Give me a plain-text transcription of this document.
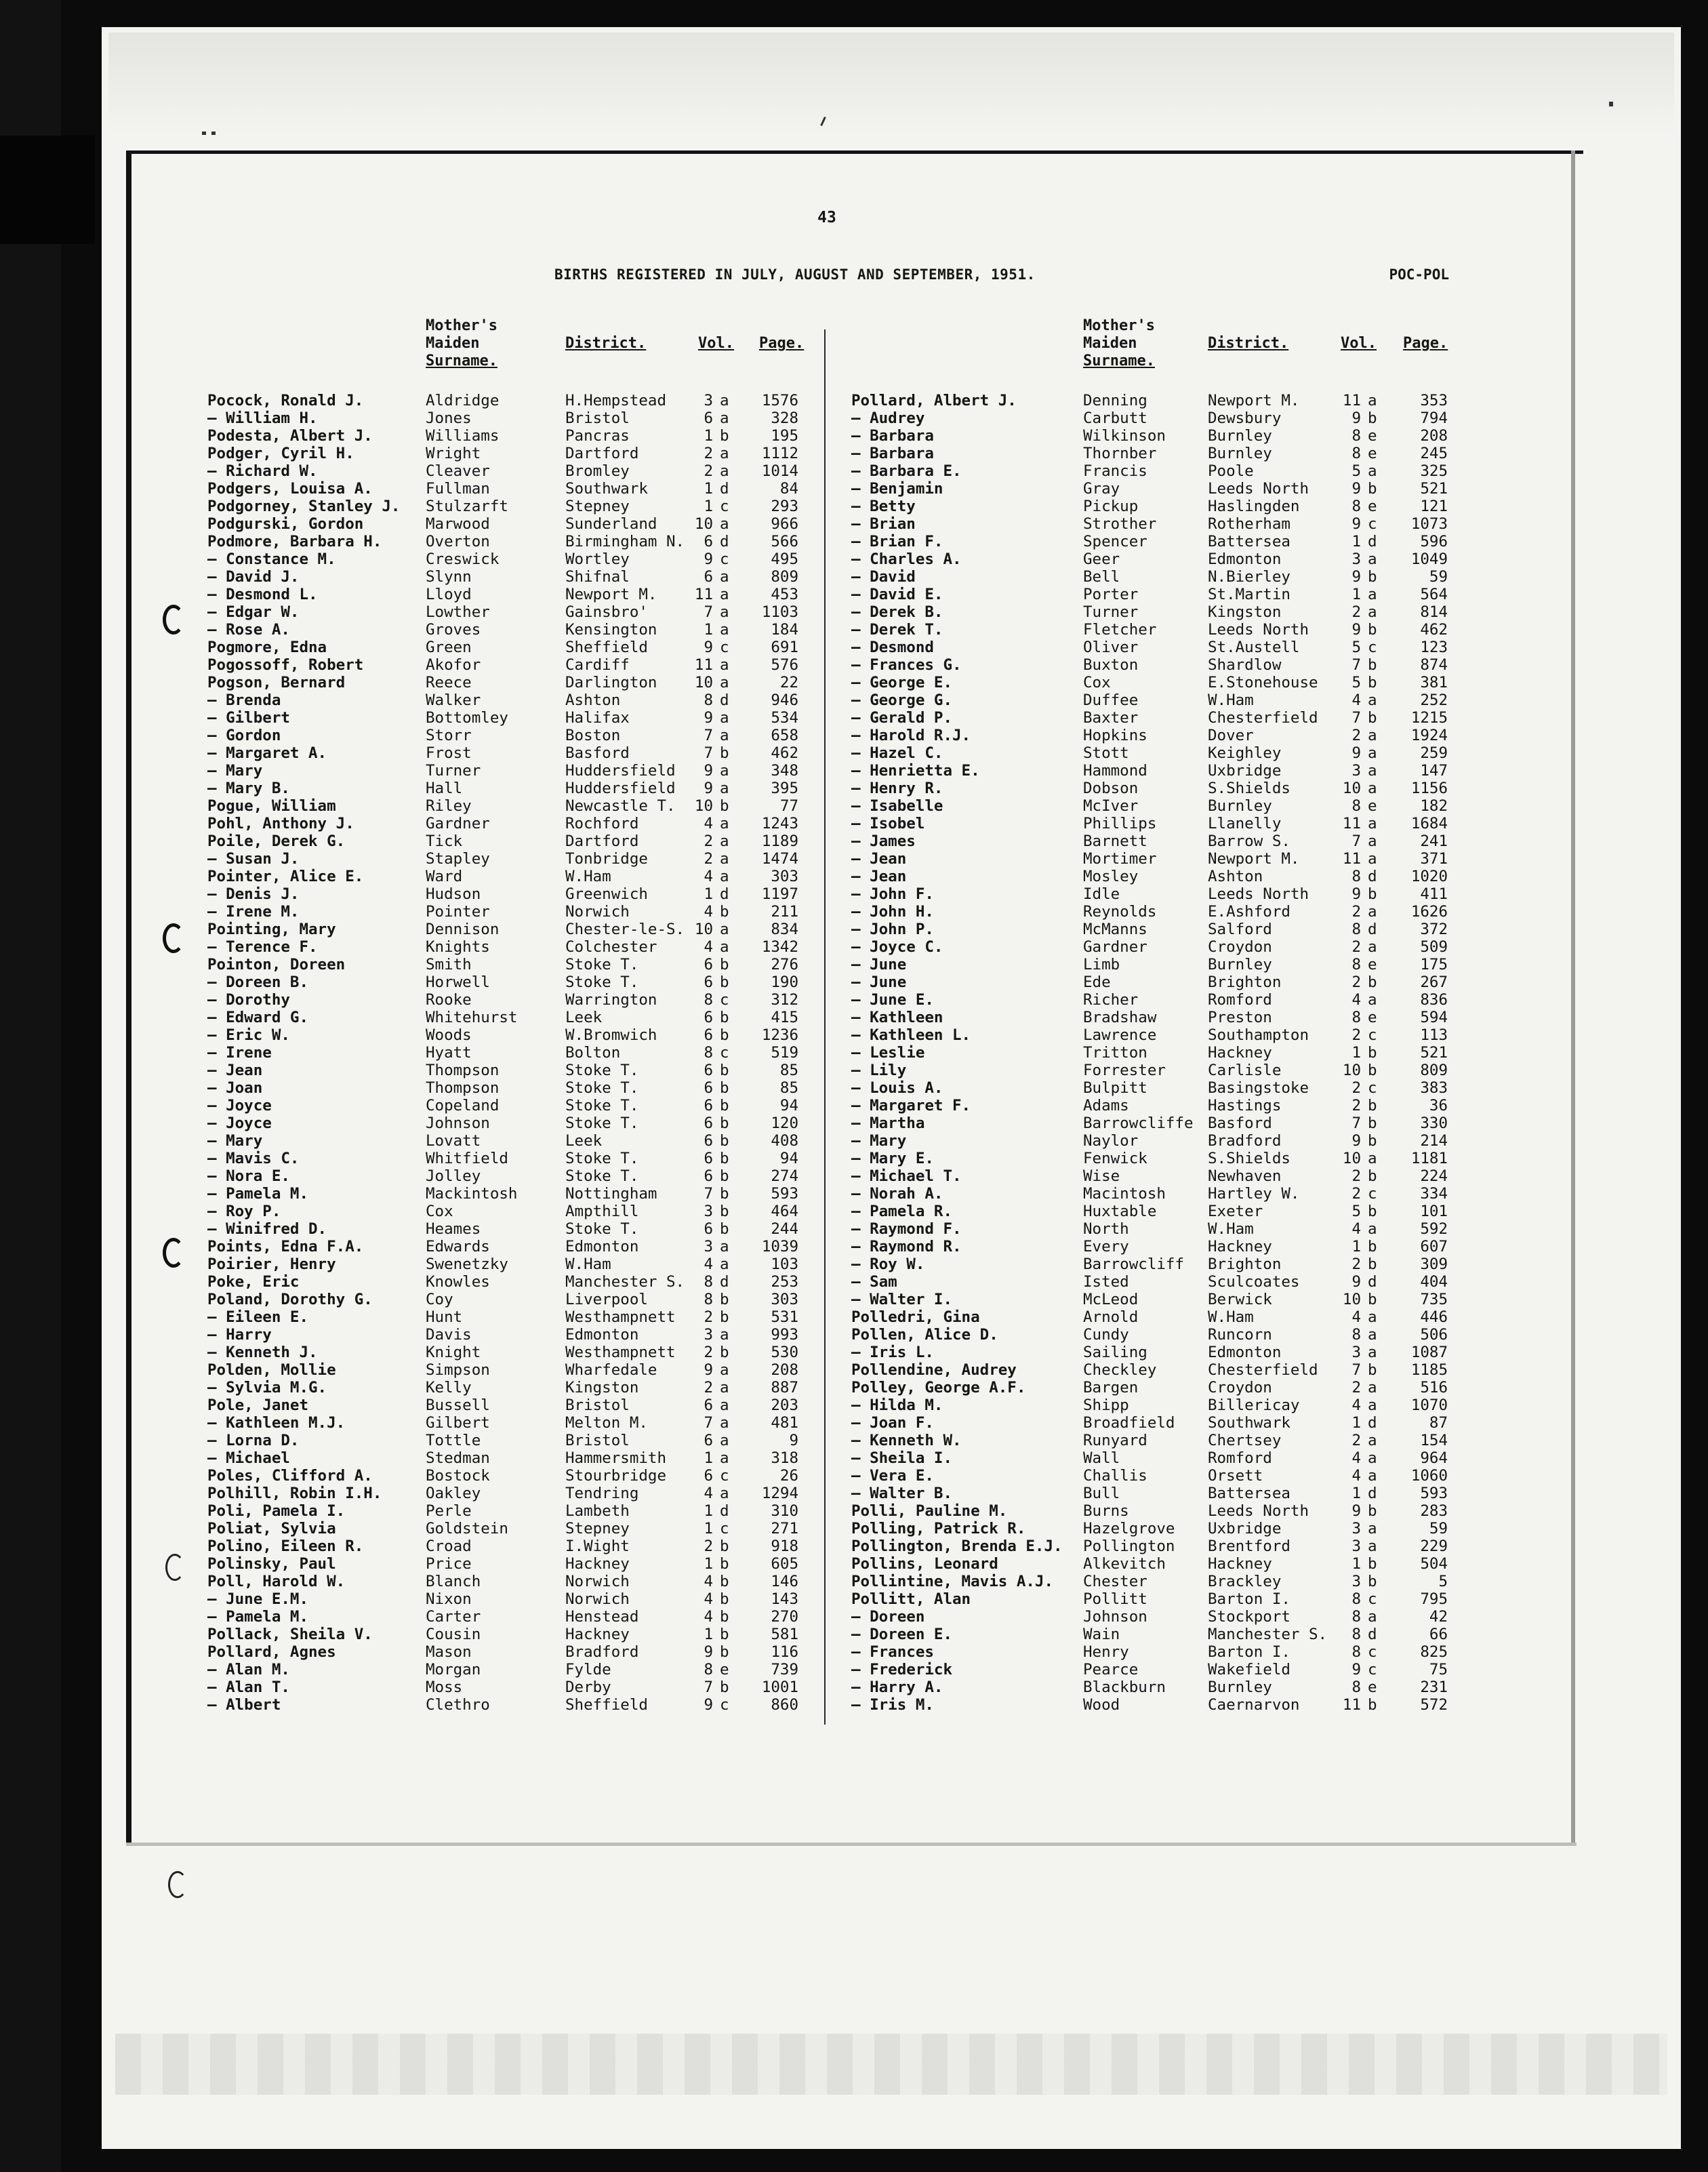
43
BIRTHS REGISTERED IN JULY, AUGUST AND SEPTEMBER, 1951.	POC-POL
Mother's
Maiden
Surname.
District.	Vol. Page.
Mother's
Maiden
Surname.
District.	Vol. Page.
Pocock, Ronald J.	Aldridge	H.Hempstead	3 a	1576
— William H.	Jones	Bristol	6 a	328
Podesta, Albert J.	Williams	Pancras	1 b	195
Podger, Cyril H.	Wright	Dartford	2 a	1112
— Richard W.	Cleaver	Bromley	2 a	1014
Podgers, Louisa A.	Fullman	Southwark	1 d	84
Podgorney, Stanley J. Stulzarft	Stepney	1 c	293
Podgurski, Gordon	Marwood	Sunderland	10 a	966
Podmore, Barbara H.	Overton	Birmingham N.	6 d	566
— Constance M.	Creswick	Wortley	9 c	495
— David J.	Slynn	Shifnal	6 a	809
— Desmond L.	Lloyd	Newport M.	11 a	453
— Edgar W.	Lowther	Gainsbro'	7 a	1103
— Rose A.	Groves	Kensington	1 a	184
Pogmore, Edna	Green	Sheffield	9 c	691
Pogossoff, Robert	Akofor	Cardiff	11 a	576
Pogson, Bernard	Reece	Darlington	10 a	22
— Brenda	Walker	Ashton	8 d	946
— Gilbert	Bottomley	Halifax	9 a	534
— Gordon	Storr	Boston	7 a	658
— Margaret A.	Frost	Basford	7 b	462
— Mary	Turner	Huddersfield	9 a	348
— Mary B.	Hall	Huddersfield	9 a	395
Pogue, William	Riley	Newcastle T.	10 b	77
Pohl, Anthony J.	Gardner	Rochford	4 a	1243
Poile, Derek G.	Tick	Dartford	2 a	1189
— Susan J.	Stapley	Tonbridge	2 a	1474
Pointer, Alice E.	Ward	W.Ham	4 a	303
— Denis J.	Hudson	Greenwich	1 d	1197
— Irene M.	Pointer	Norwich	4 b	211
Pointing, Mary	Dennison	Chester-le-S. 10 a	834
— Terence F.	Knights	Colchester	4 a	1342
Pointon, Doreen	Smith	Stoke T.	6 b	276
— Doreen B.	Horwell	Stoke T.	6 b	190
— Dorothy	Rooke	Warrington	8 c	312
— Edward G.	Whitehurst	Leek	6 b	415
— Eric W.	Woods	W.Bromwich	6 b	1236
— Irene	Hyatt	Bolton	8 c	519
— Jean	Thompson	Stoke T.	6 b	85
— Joan	Thompson	Stoke T.	6 b	85
— Joyce	Copeland	Stoke T.	6 b	94
— Joyce	Johnson	Stoke T.	6 b	120
— Mary	Lovatt	Leek	6 b	408
— Mavis C.	Whitfield	Stoke T.	6 b	94
— Nora E.	Jolley	Stoke T.	6 b	274
— Pamela M.	Mackintosh	Nottingham	7 b	593
— Roy P.	Cox	Ampthill	3 b	464
— Winifred D.	Heames	Stoke T.	6 b	244
Points, Edna F.A.	Edwards	Edmonton	3 a	1039
Poirier, Henry	Swenetzky	W.Ham	4 a	103
Poke, Eric	Knowles	Manchester S.	8 d	253
Poland, Dorothy G.	Coy	Liverpool	8 b	303
— Eileen E.	Hunt	Westhampnett	2 b	531
— Harry	Davis	Edmonton	3 a	993
— Kenneth J.	Knight	Westhampnett	2 b	530
Polden, Mollie	Simpson	Wharfedale	9 a	208
— Sylvia M.G.	Kelly	Kingston	2 a	887
Pole, Janet	Bussell	Bristol	6 a	203
— Kathleen M.J.	Gilbert	Melton M.	7 a	481
— Lorna D.	Tottle	Bristol	6 a	9
— Michael	Stedman	Hammersmith	1 a	318
Poles, Clifford A.	Bostock	Stourbridge	6 c	26
Polhill, Robin I.H.	Oakley	Tendring	4 a	1294
Poli, Pamela I.	Perle	Lambeth	1 d	310
Poliat, Sylvia	Goldstein	Stepney	1 c	271
Polino, Eileen R.	Croad	I.Wight	2 b	918
Polinsky, Paul	Price	Hackney	1 b	605
Poll, Harold W.	Blanch	Norwich	4 b	146
— June E.M.	Nixon	Norwich	4 b	143
— Pamela M.	Carter	Henstead	4 b	270
Pollack, Sheila V.	Cousin	Hackney	1 b	581
Pollard, Agnes	Mason	Bradford	9 b	116
— Alan M.	Morgan	Fylde	8 e	739
— Alan T.	Moss	Derby	7 b	1001
— Albert	Clethro	Sheffield	9 c	860
Pollard, Albert J.	Denning	Newport M.	11 a	353
— Audrey	Carbutt	Dewsbury	9 b	794
— Barbara	Wilkinson	Burnley	8 e	208
— Barbara	Thornber	Burnley	8 e	245
— Barbara E.	Francis	Poole	5 a	325
— Benjamin	Gray	Leeds North	9 b	521
— Betty	Pickup	Haslingden	8 e	121
— Brian	Strother	Rotherham	9 c	1073
— Brian F.	Spencer	Battersea	1 d	596
— Charles A.	Geer	Edmonton	3 a	1049
— David	Bell	N.Bierley	9 b	59
— David E.	Porter	St.Martin	1 a	564
— Derek B.	Turner	Kingston	2 a	814
— Derek T.	Fletcher	Leeds North	9 b	462
— Desmond	Oliver	St.Austell	5 c	123
— Frances G.	Buxton	Shardlow	7 b	874
— George E.	Cox	E.Stonehouse	5 b	381
— George G.	Duffee	W.Ham	4 a	252
— Gerald P.	Baxter	Chesterfield	7 b	1215
— Harold R.J.	Hopkins	Dover	2 a	1924
— Hazel C.	Stott	Keighley	9 a	259
— Henrietta E.	Hammond	Uxbridge	3 a	147
— Henry R.	Dobson	S.Shields	10 a	1156
— Isabelle	McIver	Burnley	8 e	182
— Isobel	Phillips	Llanelly	11 a	1684
— James	Barnett	Barrow S.	7 a	241
— Jean	Mortimer	Newport M.	11 a	371
— Jean	Mosley	Ashton	8 d	1020
— John F.	Idle	Leeds North	9 b	411
— John H.	Reynolds	E.Ashford	2 a	1626
— John P.	McManns	Salford	8 d	372
— Joyce C.	Gardner	Croydon	2 a	509
— June	Limb	Burnley	8 e	175
— June	Ede	Brighton	2 b	267
— June E.	Richer	Romford	4 a	836
— Kathleen	Bradshaw	Preston	8 e	594
— Kathleen L.	Lawrence	Southampton	2 c	113
— Leslie	Tritton	Hackney	1 b	521
— Lily	Forrester	Carlisle	10 b	809
— Louis A.	Bulpitt	Basingstoke	2 c	383
— Margaret F.	Adams	Hastings	2 b	36
— Martha	Barrowcliffe Basford	7 b	330
— Mary	Naylor	Bradford	9 b	214
— Mary E.	Fenwick	S.Shields	10 a	1181
— Michael T.	Wise	Newhaven	2 b	224
— Norah A.	Macintosh	Hartley W.	2 c	334
— Pamela R.	Huxtable	Exeter	5 b	101
— Raymond F.	North	W.Ham	4 a	592
— Raymond R.	Every	Hackney	1 b	607
— Roy W.	Barrowcliff Brighton	2 b	309
— Sam	Isted	Sculcoates	9 d	404
— Walter I.	McLeod	Berwick	10 b	735
Polledri, Gina	Arnold	W.Ham	4 a	446
Pollen, Alice D.	Cundy	Runcorn	8 a	506
— Iris L.	Sailing	Edmonton	3 a	1087
Pollendine, Audrey	Checkley	Chesterfield	7 b	1185
Polley, George A.F.	Bargen	Croydon	2 a	516
— Hilda M.	Shipp	Billericay	4 a	1070
— Joan F.	Broadfield Southwark	1 d	87
— Kenneth W.	Runyard	Chertsey	2 a	154
— Sheila I.	Wall	Romford	4 a	964
— Vera E.	Challis	Orsett	4 a	1060
— Walter B.	Bull	Battersea	1 d	593
Polli, Pauline M.	Burns	Leeds North	9 b	283
Polling, Patrick R.	Hazelgrove Uxbridge	3 a	59
Pollington, Brenda E.J. Pollington Brentford	3 a	229
Pollins, Leonard	Alkevitch	Hackney	1 b	504
Pollintine, Mavis A.J. Chester	Brackley	3 b	5
Pollitt, Alan	Pollitt	Barton I.	8 c	795
— Doreen	Johnson	Stockport	8 a	42
— Doreen E.	Wain	Manchester S.	8 d	66
— Frances	Henry	Barton I.	8 c	825
— Frederick	Pearce	Wakefield	9 c	75
— Harry A.	Blackburn	Burnley	8 e	231
— Iris M.	Wood	Caernarvon	11 b	572
